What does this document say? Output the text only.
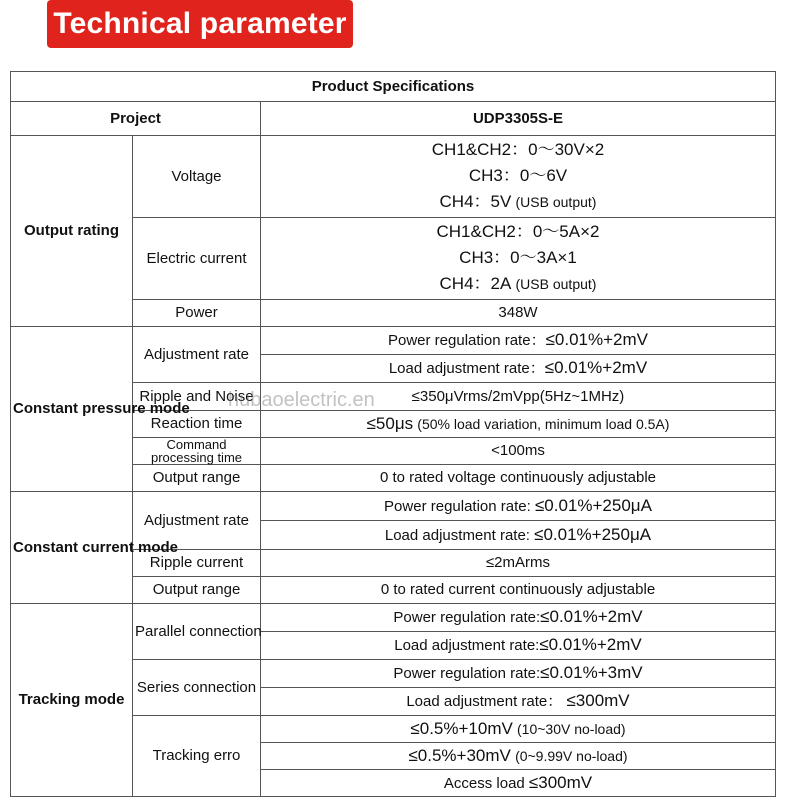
Technical parameter
Product Specifications		
Project		UDP3305S-E
Output rating	Voltage	CH1&CH2：0～30V×2
CH3：0～6V
CH4：5V (USB output)

	Electric current	CH1&CH2：0～5A×2
CH3：0～3A×1
CH4：2A (USB output)

	Power	348W
Constant pressure mode	Adjustment rate	Power regulation rate：≤0.01%+2mV
		Load adjustment rate：≤0.01%+2mV
	Ripple and Noise	≤350μVrms/2mVpp(5Hz~1MHz)
	Reaction time	≤50μs (50% load variation, minimum load 0.5A)

	Command processing time	<100ms
	Output range	0 to rated voltage continuously adjustable
Constant current mode	Adjustment rate	Power regulation rate: ≤0.01%+250μA
		Load adjustment rate: ≤0.01%+250μA
	Ripple current	≤2mArms
	Output range	0 to rated current continuously adjustable
Tracking mode	Parallel connection	Power regulation rate:≤0.01%+2mV
		Load adjustment rate:≤0.01%+2mV
	Series connection	Power regulation rate:≤0.01%+3mV
		Load adjustment rate： ≤300mV
	Tracking erro	≤0.5%+10mV (10~30V no-load)
		≤0.5%+30mV (0~9.99V no-load)
		Access load ≤300mV
hubaoelectric.en
